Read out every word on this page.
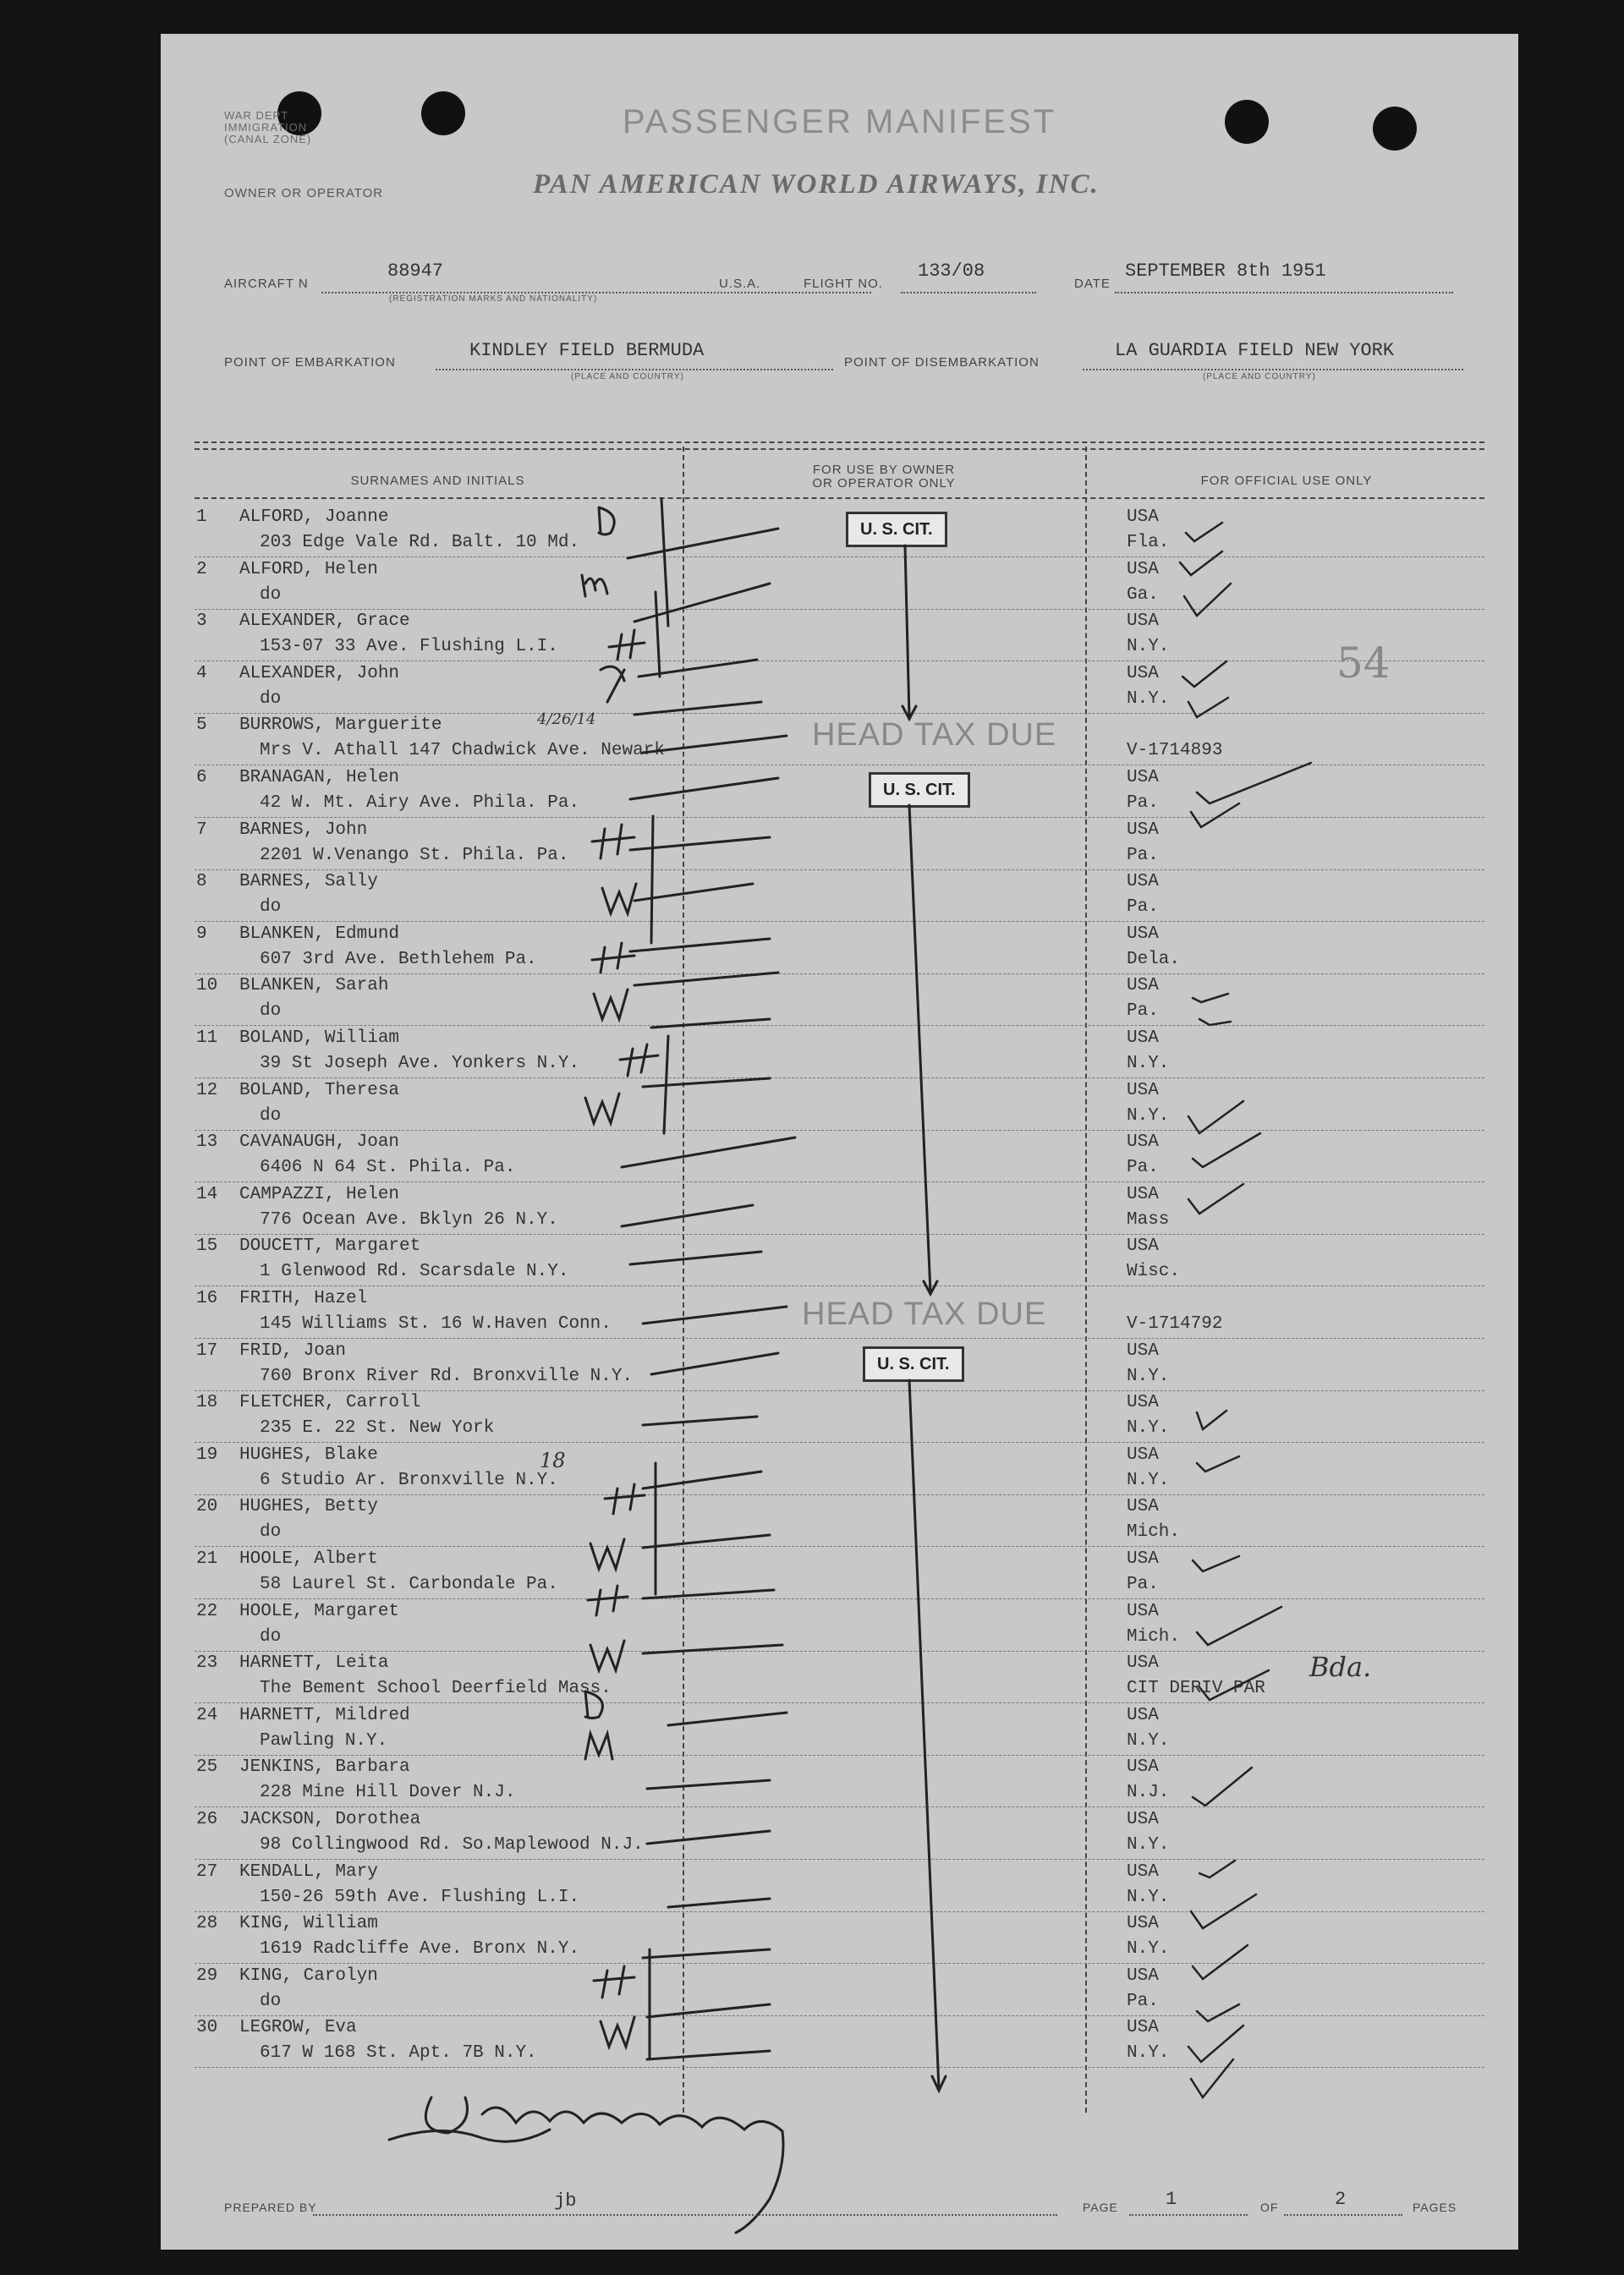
WAR DEPT
IMMIGRATION
(CANAL ZONE)	PASSENGER MANIFEST
OWNER OR OPERATOR	PAN AMERICAN WORLD AIRWAYS, INC.
AIRCRAFT N
88947
(REGISTRATION MARKS AND NATIONALITY)
U.S.A.	FLIGHT NO.
133/08
DATE
SEPTEMBER 8th 1951
POINT OF EMBARKATION
KINDLEY FIELD BERMUDA
(PLACE AND COUNTRY)
POINT OF DISEMBARKATION
LA GUARDIA FIELD NEW YORK
(PLACE AND COUNTRY)
SURNAMES AND INITIALS
FOR USE BY OWNER
OR OPERATOR ONLY	FOR OFFICIAL USE ONLY
1	ALFORD, Joanne
203 Edge Vale Rd. Balt. 10 Md.
USA
Fla.
2	ALFORD, Helen
do
USA
Ga.
3	ALEXANDER, Grace
153-07 33 Ave. Flushing L.I.
USA
N.Y.
4	ALEXANDER, John
do
USA
N.Y.
5	BURROWS, Marguerite
Mrs V. Athall 147 Chadwick Ave. Newark	V-1714893
6	BRANAGAN, Helen
42 W. Mt. Airy Ave. Phila. Pa.
USA
Pa.
7	BARNES, John
2201 W.Venango St. Phila. Pa.
USA
Pa.
8	BARNES, Sally
do
USA
Pa.
9	BLANKEN, Edmund
607 3rd Ave. Bethlehem Pa.
USA
Dela.
10	BLANKEN, Sarah
do
USA
Pa.
11	BOLAND, William
39 St Joseph Ave. Yonkers N.Y.
USA
N.Y.
12	BOLAND, Theresa
do
USA
N.Y.
13	CAVANAUGH, Joan
6406 N 64 St. Phila. Pa.
USA
Pa.
14	CAMPAZZI, Helen
776 Ocean Ave. Bklyn 26 N.Y.
USA
Mass
15	DOUCETT, Margaret
1 Glenwood Rd. Scarsdale N.Y.
USA
Wisc.
16	FRITH, Hazel
145 Williams St. 16 W.Haven Conn.	V-1714792
17	FRID, Joan
760 Bronx River Rd. Bronxville N.Y.
USA
N.Y.
18	FLETCHER, Carroll
235 E. 22 St. New York
USA
N.Y.
19	HUGHES, Blake
6 Studio Ar. Bronxville N.Y.
USA
N.Y.
20	HUGHES, Betty
do
USA
Mich.
21	HOOLE, Albert
58 Laurel St. Carbondale Pa.
USA
Pa.
22	HOOLE, Margaret
do
USA
Mich.
23	HARNETT, Leita
The Bement School Deerfield Mass.
USA
CIT DERIV PAR
24	HARNETT, Mildred
Pawling N.Y.
USA
N.Y.
25	JENKINS, Barbara
228 Mine Hill Dover N.J.
USA
N.J.
26	JACKSON, Dorothea
98 Collingwood Rd. So.Maplewood N.J.
USA
N.Y.
27	KENDALL, Mary
150-26 59th Ave. Flushing L.I.
USA
N.Y.
28	KING, William
1619 Radcliffe Ave. Bronx N.Y.
USA
N.Y.
29	KING, Carolyn
do
USA
Pa.
30	LEGROW, Eva
617 W 168 St. Apt. 7B N.Y.
USA
N.Y.
U. S. CIT.
U. S. CIT.
U. S. CIT.
HEAD TAX DUE
HEAD TAX DUE
54
Bda.
4/26/14
18
PREPARED BY	jb	PAGE	1	OF	2	PAGES
